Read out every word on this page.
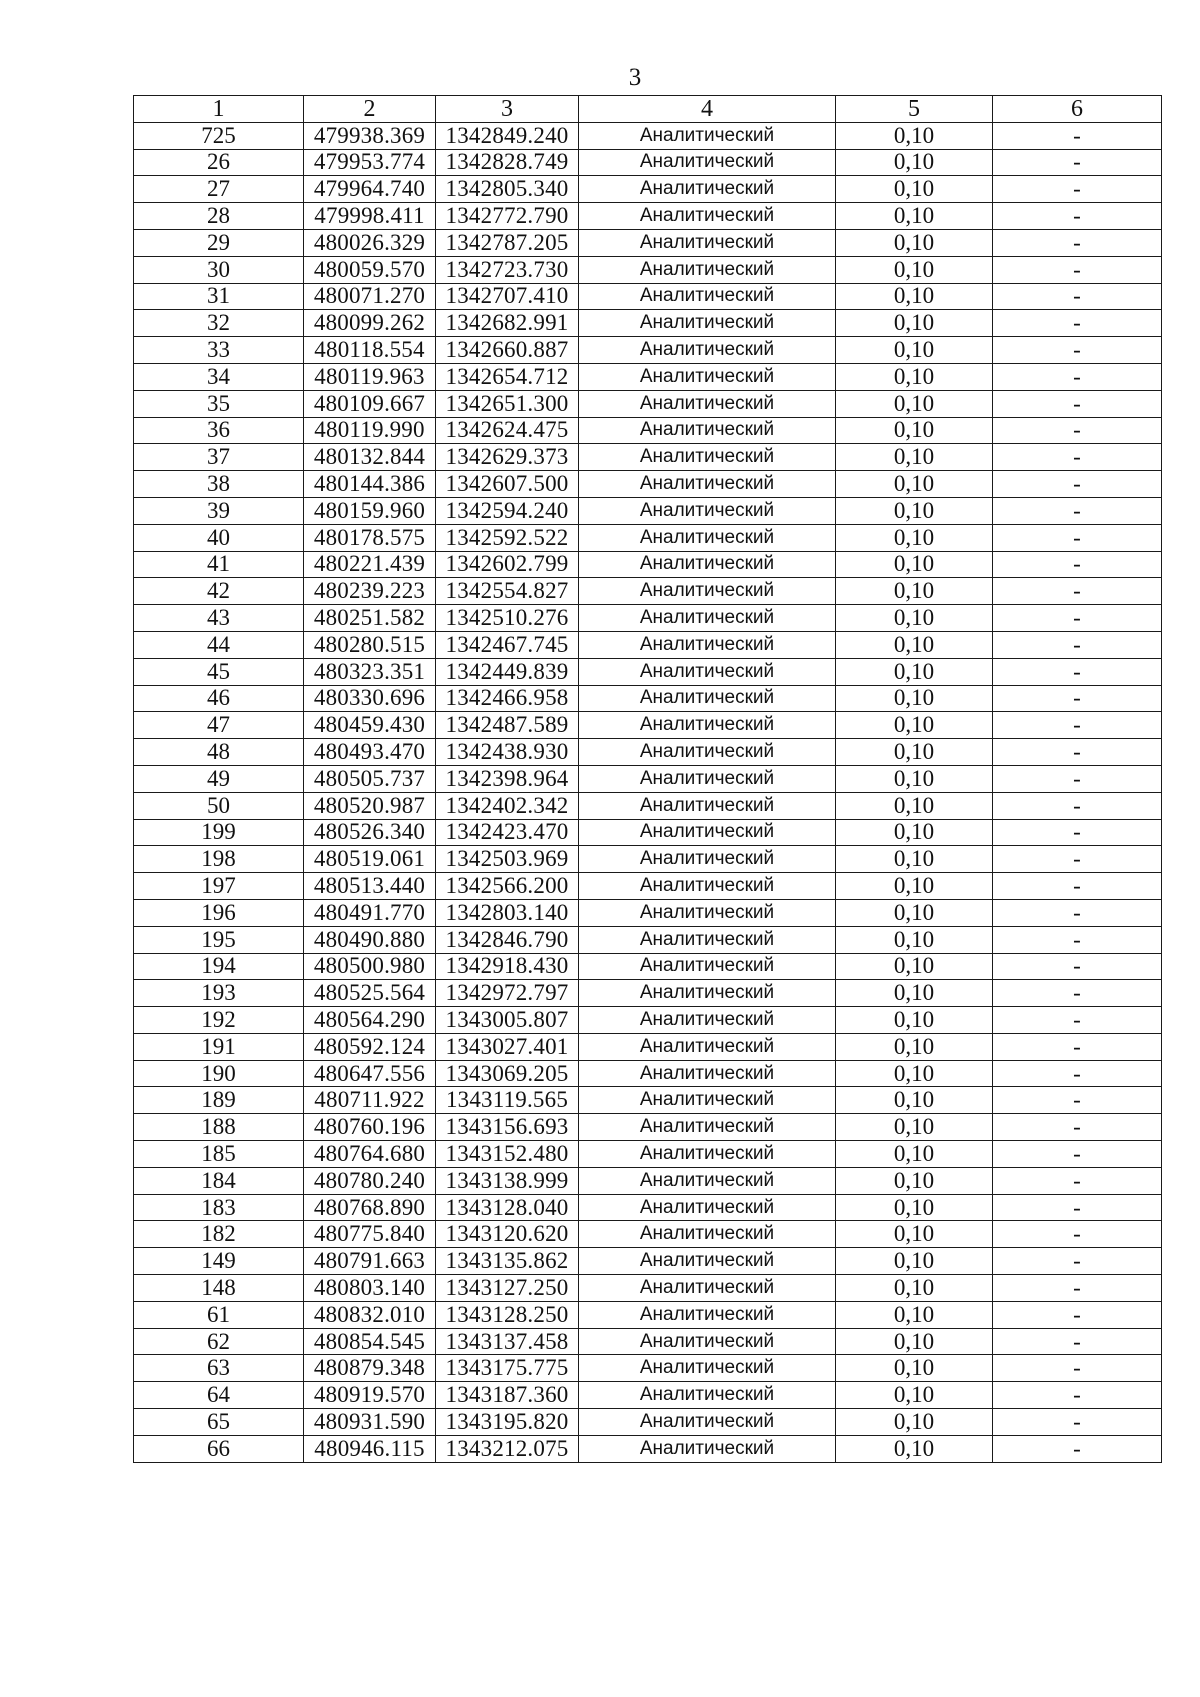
3
1	2	3	4	5	6
725	479938.369	1342849.240	Аналитический	0,10	-
26	479953.774	1342828.749	Аналитический	0,10	-
27	479964.740	1342805.340	Аналитический	0,10	-
28	479998.411	1342772.790	Аналитический	0,10	-
29	480026.329	1342787.205	Аналитический	0,10	-
30	480059.570	1342723.730	Аналитический	0,10	-
31	480071.270	1342707.410	Аналитический	0,10	-
32	480099.262	1342682.991	Аналитический	0,10	-
33	480118.554	1342660.887	Аналитический	0,10	-
34	480119.963	1342654.712	Аналитический	0,10	-
35	480109.667	1342651.300	Аналитический	0,10	-
36	480119.990	1342624.475	Аналитический	0,10	-
37	480132.844	1342629.373	Аналитический	0,10	-
38	480144.386	1342607.500	Аналитический	0,10	-
39	480159.960	1342594.240	Аналитический	0,10	-
40	480178.575	1342592.522	Аналитический	0,10	-
41	480221.439	1342602.799	Аналитический	0,10	-
42	480239.223	1342554.827	Аналитический	0,10	-
43	480251.582	1342510.276	Аналитический	0,10	-
44	480280.515	1342467.745	Аналитический	0,10	-
45	480323.351	1342449.839	Аналитический	0,10	-
46	480330.696	1342466.958	Аналитический	0,10	-
47	480459.430	1342487.589	Аналитический	0,10	-
48	480493.470	1342438.930	Аналитический	0,10	-
49	480505.737	1342398.964	Аналитический	0,10	-
50	480520.987	1342402.342	Аналитический	0,10	-
199	480526.340	1342423.470	Аналитический	0,10	-
198	480519.061	1342503.969	Аналитический	0,10	-
197	480513.440	1342566.200	Аналитический	0,10	-
196	480491.770	1342803.140	Аналитический	0,10	-
195	480490.880	1342846.790	Аналитический	0,10	-
194	480500.980	1342918.430	Аналитический	0,10	-
193	480525.564	1342972.797	Аналитический	0,10	-
192	480564.290	1343005.807	Аналитический	0,10	-
191	480592.124	1343027.401	Аналитический	0,10	-
190	480647.556	1343069.205	Аналитический	0,10	-
189	480711.922	1343119.565	Аналитический	0,10	-
188	480760.196	1343156.693	Аналитический	0,10	-
185	480764.680	1343152.480	Аналитический	0,10	-
184	480780.240	1343138.999	Аналитический	0,10	-
183	480768.890	1343128.040	Аналитический	0,10	-
182	480775.840	1343120.620	Аналитический	0,10	-
149	480791.663	1343135.862	Аналитический	0,10	-
148	480803.140	1343127.250	Аналитический	0,10	-
61	480832.010	1343128.250	Аналитический	0,10	-
62	480854.545	1343137.458	Аналитический	0,10	-
63	480879.348	1343175.775	Аналитический	0,10	-
64	480919.570	1343187.360	Аналитический	0,10	-
65	480931.590	1343195.820	Аналитический	0,10	-
66	480946.115	1343212.075	Аналитический	0,10	-
